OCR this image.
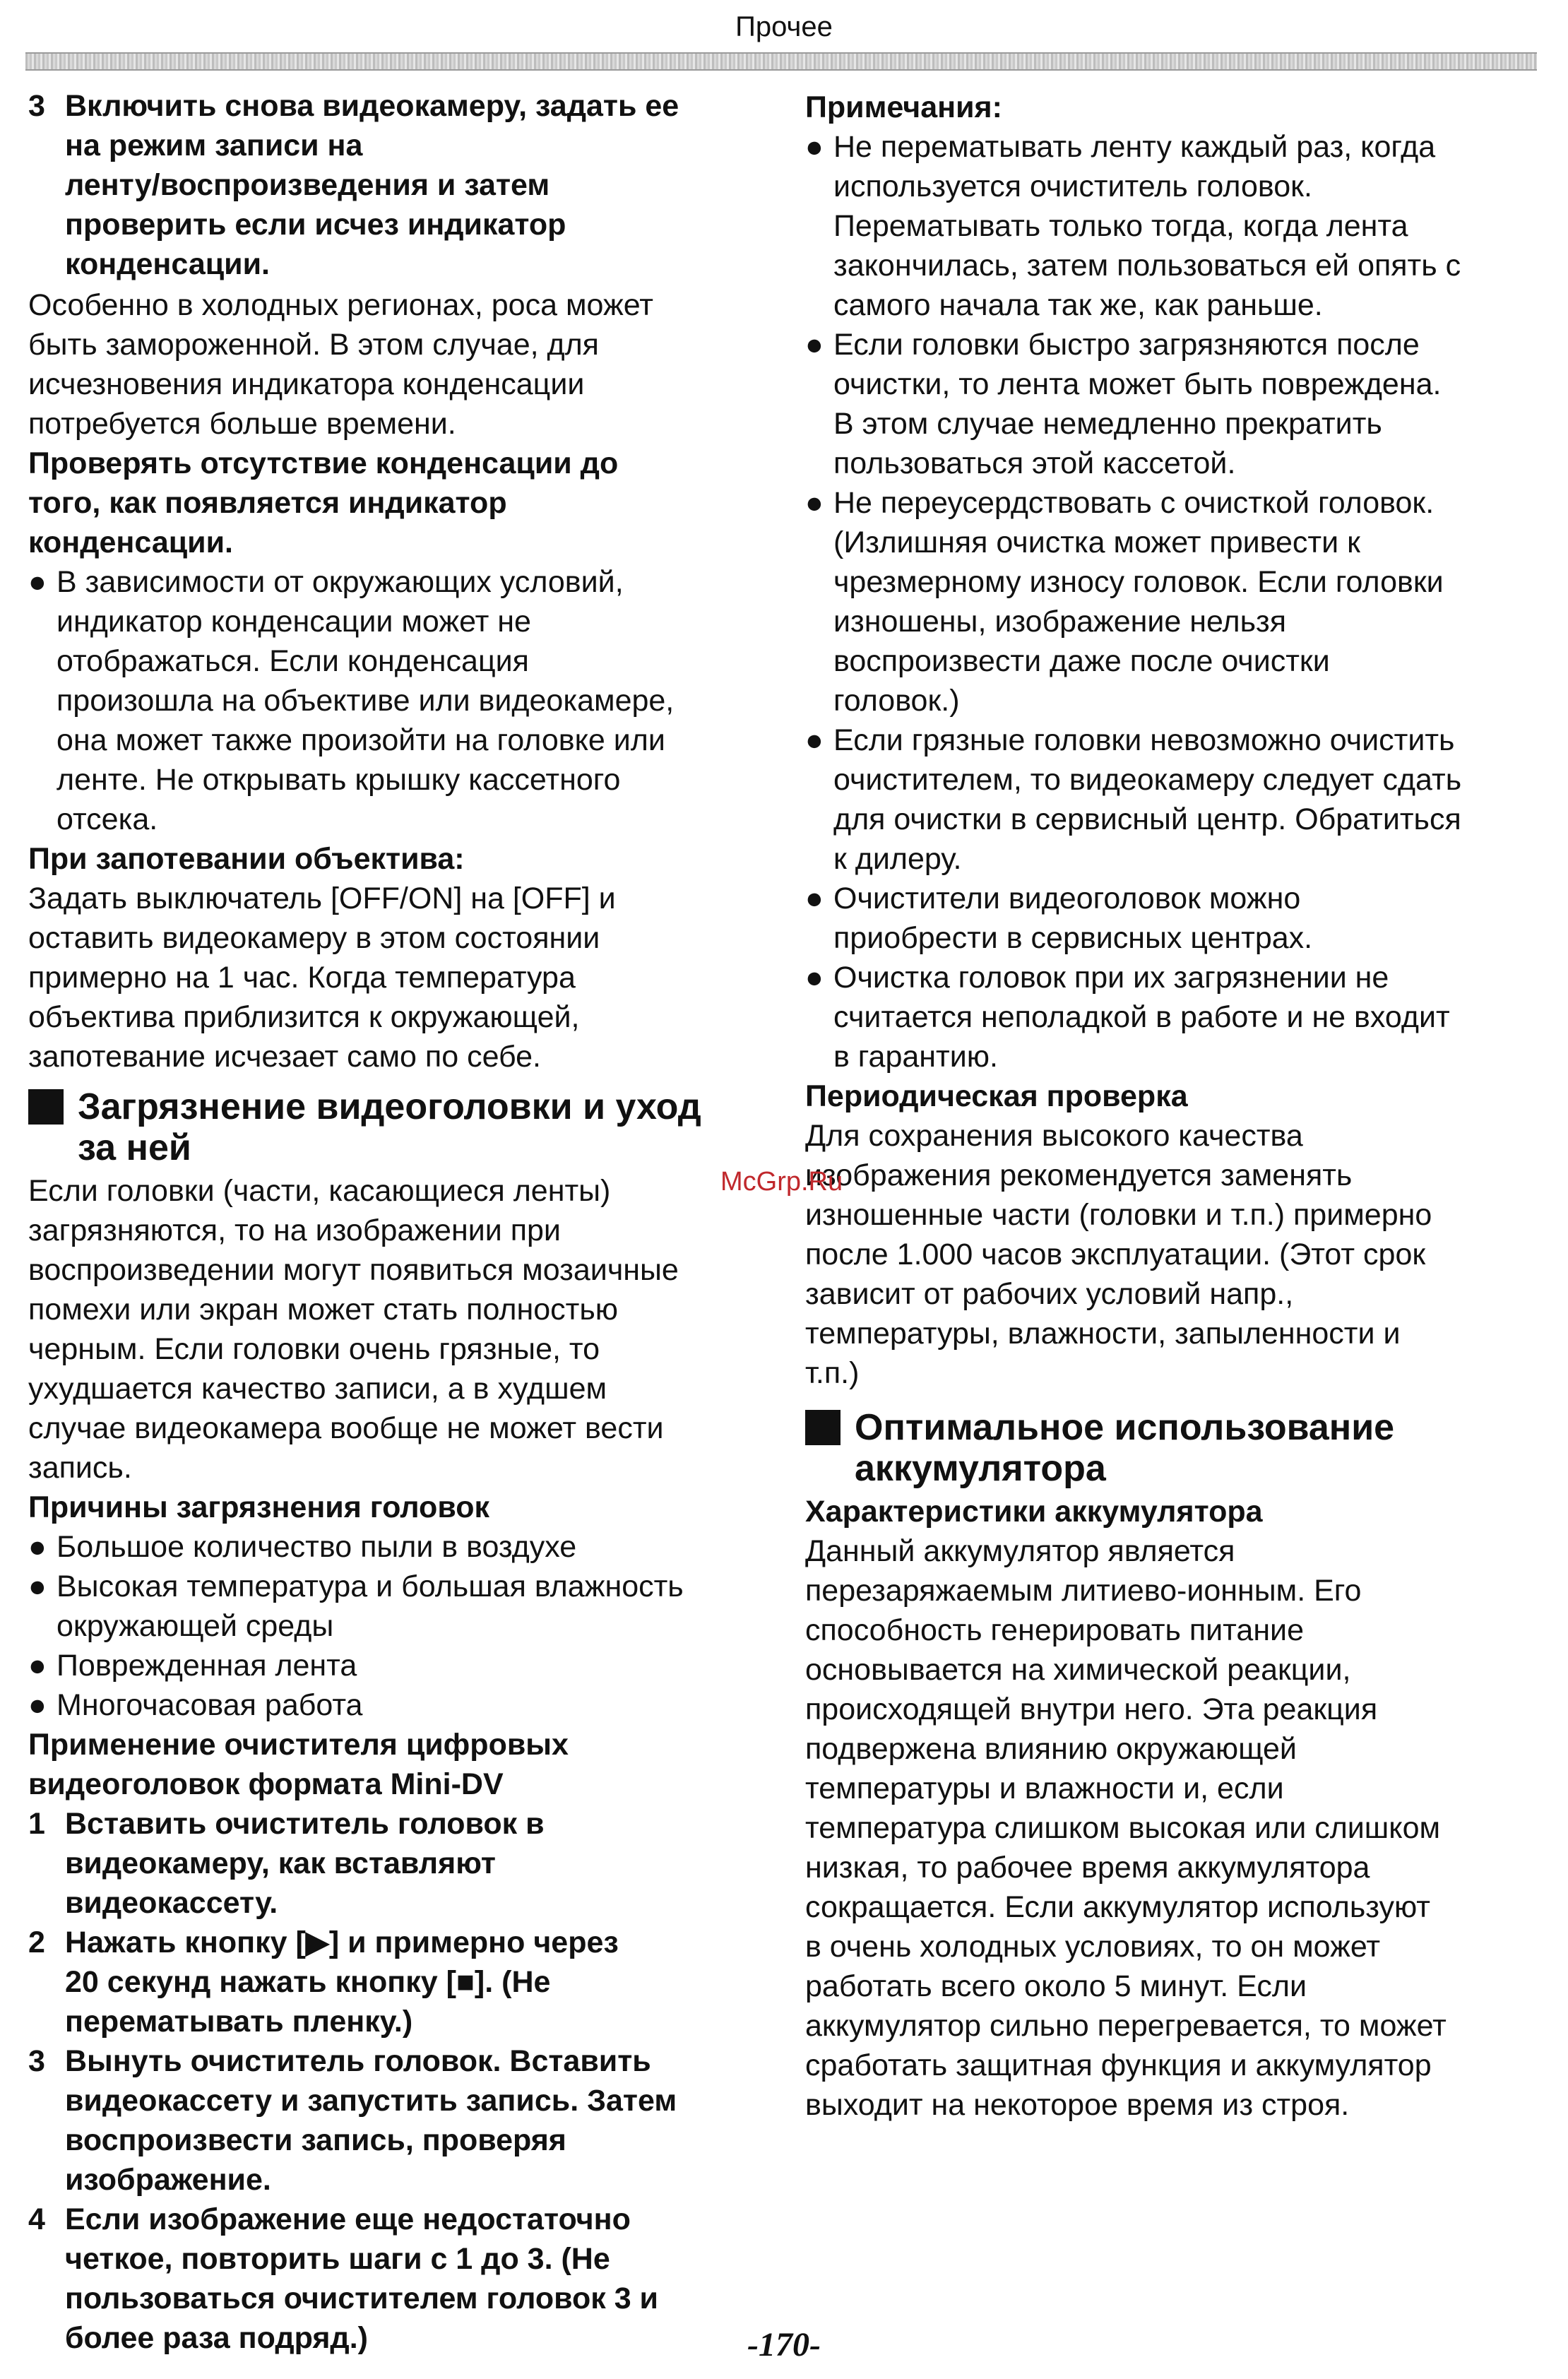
Прочее
3 Включить снова видеокамеру, задать ее
на режим записи на
ленту/воспроизведения и затем
проверить если исчез индикатор
конденсации.

Особенно в холодных регионах, роса может
быть замороженной. В этом случае, для
исчезновения индикатора конденсации
потребуется больше времени.

Проверять отсутствие конденсации до
того, как появляется индикатор
конденсации.

● В зависимости от окружающих условий,
индикатор конденсации может не
отображаться. Если конденсация
произошла на объективе или видеокамере,
она может также произойти на головке или
ленте. Не открывать крышку кассетного
отсека.

При запотевании объектива:

Задать выключатель [OFF/ON] на [OFF] и
оставить видеокамеру в этом состоянии
примерно на 1 час. Когда температура
объектива приблизится к окружающей,
запотевание исчезает само по себе.

Загрязнение видеоголовки и уход
за ней

Если головки (части, касающиеся ленты)
загрязняются, то на изображении при
воспроизведении могут появиться мозаичные
помехи или экран может стать полностью
черным. Если головки очень грязные, то
ухудшается качество записи, а в худшем
случае видеокамера вообще не может вести
запись.

Причины загрязнения головок

● Большое количество пыли в воздухе
● Высокая температура и большая влажность
окружающей среды
● Поврежденная лента
● Многочасовая работа

Применение очистителя цифровых
видеоголовок формата Mini-DV

1 Вставить очиститель головок в
видеокамеру, как вставляют
видеокассету.
2 Нажать кнопку [▶] и примерно через
20 секунд нажать кнопку [■]. (Не
перематывать пленку.)
3 Вынуть очиститель головок. Вставить
видеокассету и запустить запись. Затем
воспроизвести запись, проверяя
изображение.
4 Если изображение еще недостаточно
четкое, повторить шаги с 1 до 3. (Не
пользоваться очистителем головок 3 и
более раза подряд.)

Примечания:

● Не перематывать ленту каждый раз, когда
используется очиститель головок.
Перематывать только тогда, когда лента
закончилась, затем пользоваться ей опять с
самого начала так же, как раньше.
● Если головки быстро загрязняются после
очистки, то лента может быть повреждена.
В этом случае немедленно прекратить
пользоваться этой кассетой.
● Не переусердствовать с очисткой головок.
(Излишняя очистка может привести к
чрезмерному износу головок. Если головки
изношены, изображение нельзя
воспроизвести даже после очистки
головок.)
● Если грязные головки невозможно очистить
очистителем, то видеокамеру следует сдать
для очистки в сервисный центр. Обратиться
к дилеру.
● Очистители видеоголовок можно
приобрести в сервисных центрах.
● Очистка головок при их загрязнении не
считается неполадкой в работе и не входит
в гарантию.

Периодическая проверка

Для сохранения высокого качества
изображения рекомендуется заменять
изношенные части (головки и т.п.) примерно
после 1.000 часов эксплуатации. (Этот срок
зависит от рабочих условий напр.,
температуры, влажности, запыленности и
т.п.)

Оптимальное использование
аккумулятора

Характеристики аккумулятора

Данный аккумулятор является
перезаряжаемым литиево-ионным. Его
способность генерировать питание
основывается на химической реакции,
происходящей внутри него. Эта реакция
подвержена влиянию окружающей
температуры и влажности и, если
температура слишком высокая или слишком
низкая, то рабочее время аккумулятора
сокращается. Если аккумулятор используют
в очень холодных условиях, то он может
работать всего около 5 минут. Если
аккумулятор сильно перегревается, то может
сработать защитная функция и аккумулятор
выходит на некоторое время из строя.

McGrp.Ru
-170-
